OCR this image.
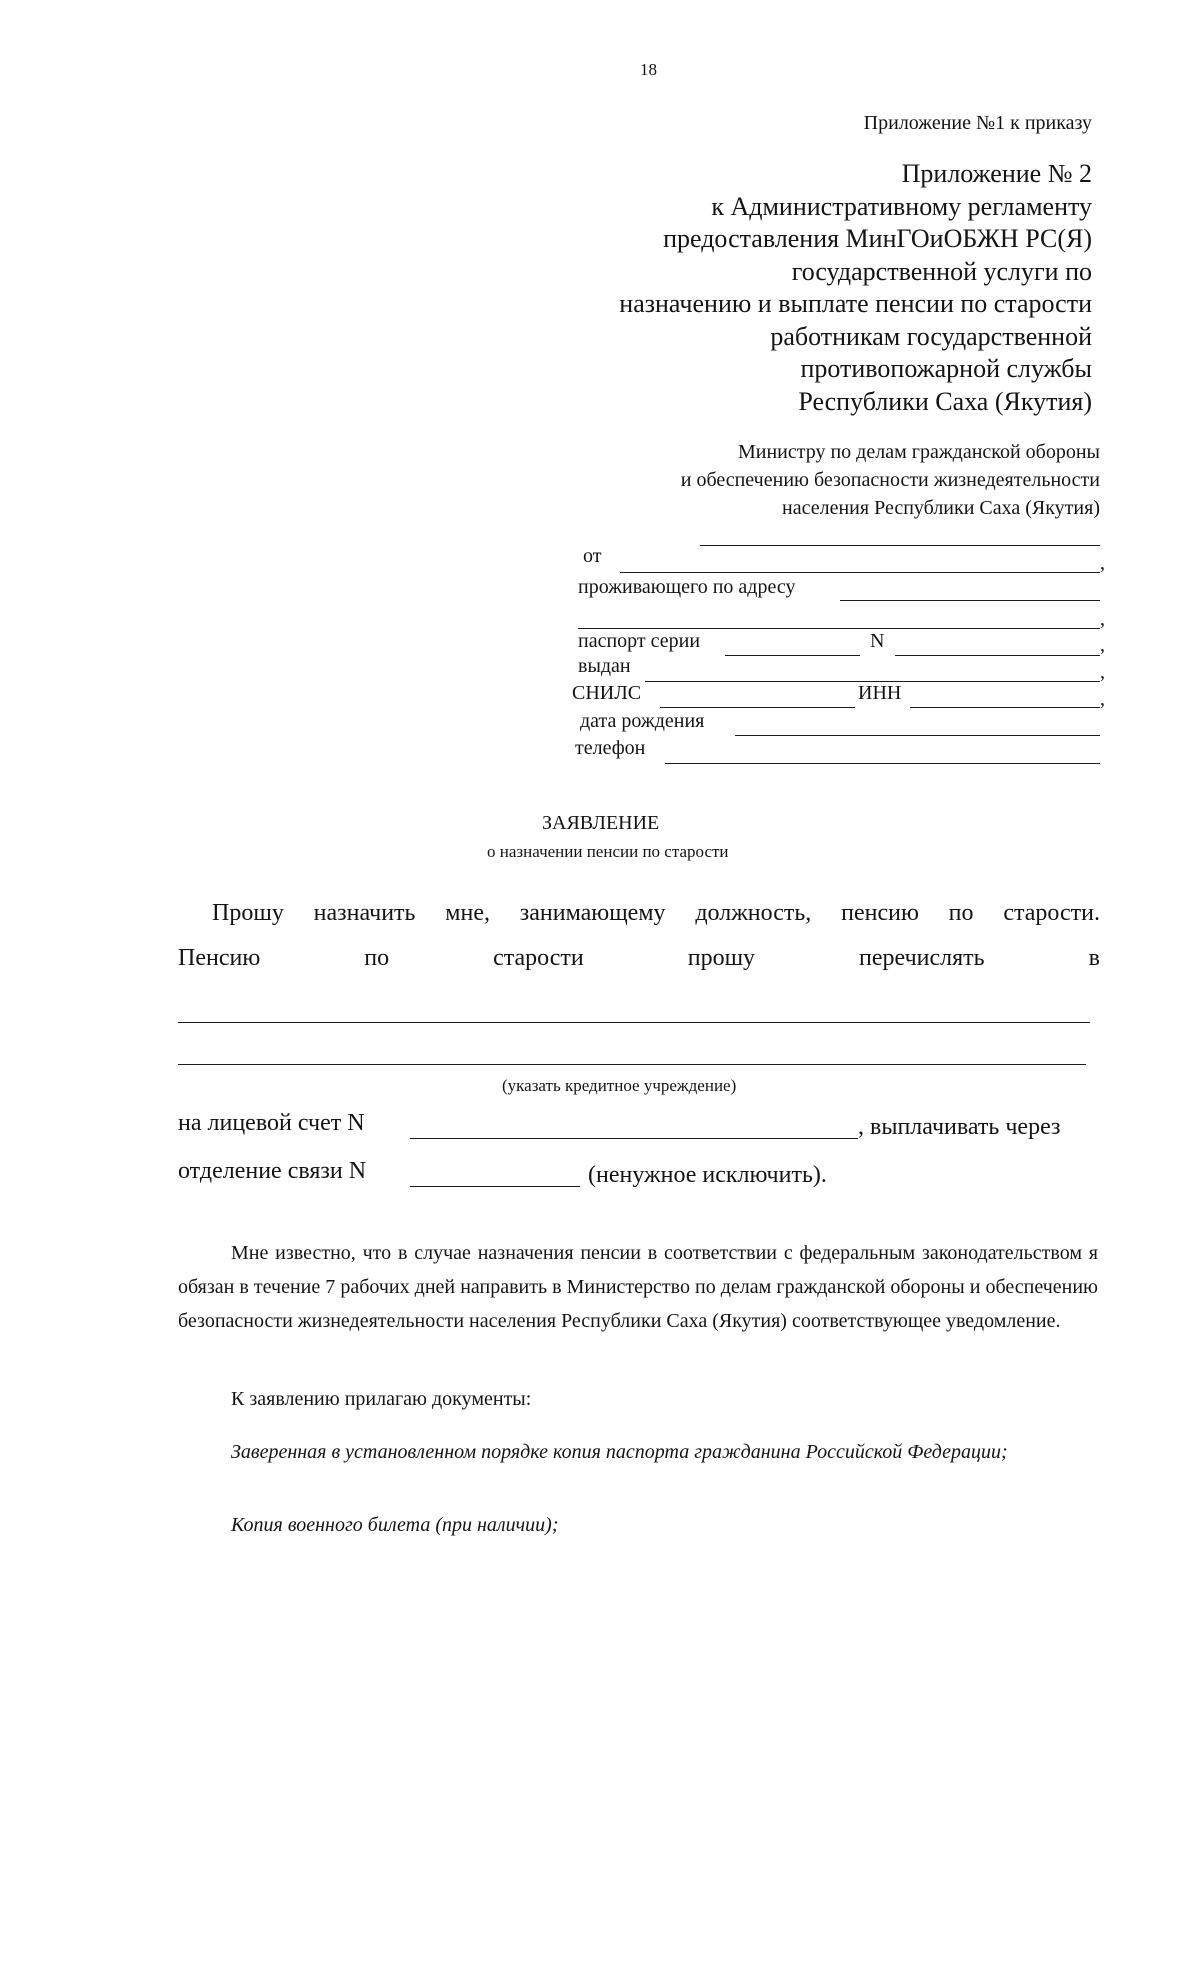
18
Приложение №1 к приказу
Приложение № 2
к Административному регламенту
предоставления МинГОиОБЖН РС(Я)
государственной услуги по
назначению и выплате пенсии по старости
работникам государственной
противопожарной службы
Республики Саха (Якутия)
Министру по делам гражданской обороны
и обеспечению безопасности жизнедеятельности
населения Республики Саха (Якутия)
от	,
проживающего по адресу
,
паспорт серии	N	,
выдан	,
СНИЛС	ИНН	,
дата рождения
телефон
ЗАЯВЛЕНИЕ
о назначении пенсии по старости
Прошу назначить мне, занимающему должность, пенсию по старости.
Пенсию	по	старости	прошу	перечислять	в
(указать кредитное учреждение)
на лицевой счет N	, выплачивать через
отделение связи N	(ненужное исключить).
Мне известно, что в случае назначения пенсии в соответствии с федеральным законодательством я обязан в течение 7 рабочих дней направить в Министерство по делам гражданской обороны и обеспечению безопасности жизнедеятельности населения Республики Саха (Якутия) соответствующее уведомление.
К заявлению прилагаю документы:
Заверенная в установленном порядке копия паспорта гражданина Российской Федерации;
Копия военного билета (при наличии);
